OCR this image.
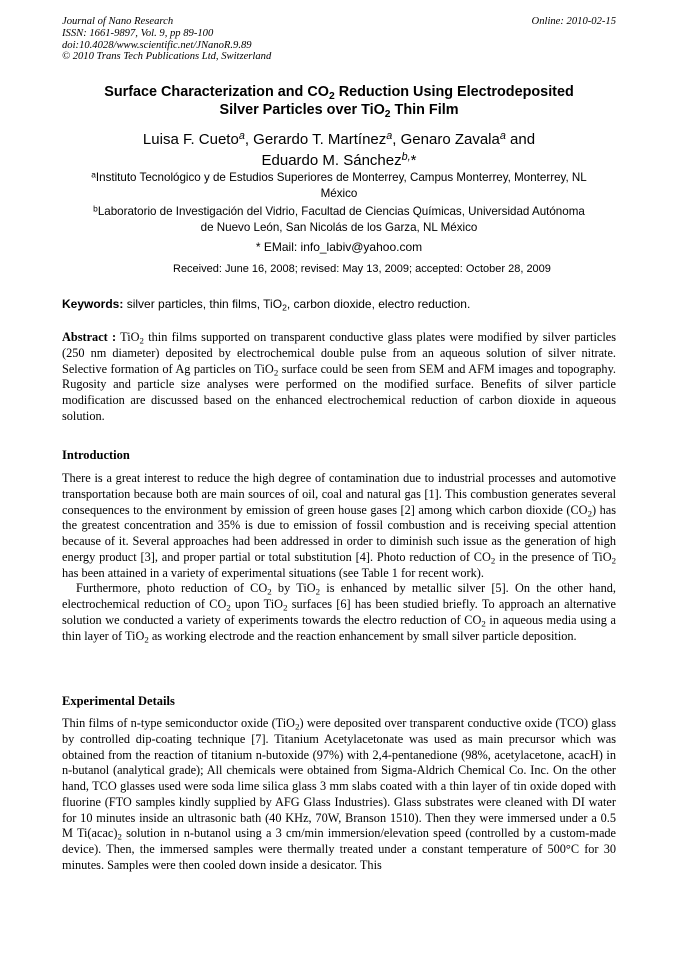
Journal of Nano Research
ISSN: 1661-9897, Vol. 9, pp 89-100
doi:10.4028/www.scientific.net/JNanoR.9.89
© 2010 Trans Tech Publications Ltd, Switzerland
Online: 2010-02-15
Surface Characterization and $CO_2$ Reduction Using Electrodeposited
Silver Particles over TiO$_2$ Thin Film
Luisa F. Cueto$^a$, Gerardo T. Martínez$^a$, Genaro Zavala$^a$ and
Eduardo M. Sánchez$^{b,}$*
$^a$Instituto Tecnológico y de Estudios Superiores de Monterrey, Campus Monterrey, Monterrey, NL
México
$^b$Laboratorio de Investigación del Vidrio, Facultad de Ciencias Químicas, Universidad Autónoma
de Nuevo León, San Nicolás de los Garza, NL México
* EMail: info_labiv@yahoo.com
Received: June 16, 2008; revised: May 13, 2009; accepted: October 28, 2009
Keywords: silver particles, thin films, TiO$_2$, carbon dioxide, electro reduction.

Abstract : TiO$_2$ thin films supported on transparent conductive glass plates were modified by silver particles (250 nm diameter) deposited by electrochemical double pulse from an aqueous solution of silver nitrate. Selective formation of Ag particles on TiO$_2$ surface could be seen from SEM and AFM images and topography. Rugosity and particle size analyses were performed on the modified surface. Benefits of silver particle modification are discussed based on the enhanced electrochemical reduction of carbon dioxide in aqueous solution.

Introduction

There is a great interest to reduce the high degree of contamination due to industrial processes and automotive transportation because both are main sources of oil, coal and natural gas [1]. This combustion generates several consequences to the environment by emission of green house gases [2] among which carbon dioxide $(CO_2)$ has the greatest concentration and 35% is due to emission of fossil combustion and is receiving special attention because of it. Several approaches had been addressed in order to diminish such issue as the generation of high energy product [3], and proper partial or total substitution [4]. Photo reduction of $CO_2$ in the presence of TiO$_2$ has been attained in a variety of experimental situations (see Table 1 for recent work).

Furthermore, photo reduction of $CO_2$ by TiO$_2$ is enhanced by metallic silver [5]. On the other hand, electrochemical reduction of $CO_2$ upon TiO$_2$ surfaces [6] has been studied briefly. To approach an alternative solution we conducted a variety of experiments towards the electro reduction of $CO_2$ in aqueous media using a thin layer of TiO$_2$ as working electrode and the reaction enhancement by small silver particle deposition.

Experimental Details

Thin films of n-type semiconductor oxide (TiO$_2$) were deposited over transparent conductive oxide (TCO) glass by controlled dip-coating technique [7]. Titanium Acetylacetonate was used as main precursor which was obtained from the reaction of titanium n-butoxide (97%) with 2,4-pentanedione (98%, acetylacetone, acacH) in n-butanol (analytical grade); All chemicals were obtained from Sigma-Aldrich Chemical Co. Inc. On the other hand, TCO glasses used were soda lime silica glass 3 mm slabs coated with a thin layer of tin oxide doped with fluorine (FTO samples kindly supplied by AFG Glass Industries). Glass substrates were cleaned with DI water for 10 minutes inside an ultrasonic bath (40 KHz, 70W, Branson 1510). Then they were immersed under a 0.5 M $Ti(acac)_2$ solution in n-butanol using a 3 cm/min immersion/elevation speed (controlled by a custom-made device). Then, the immersed samples were thermally treated under a constant temperature of 500°C for 30 minutes. Samples were then cooled down inside a desicator. This
